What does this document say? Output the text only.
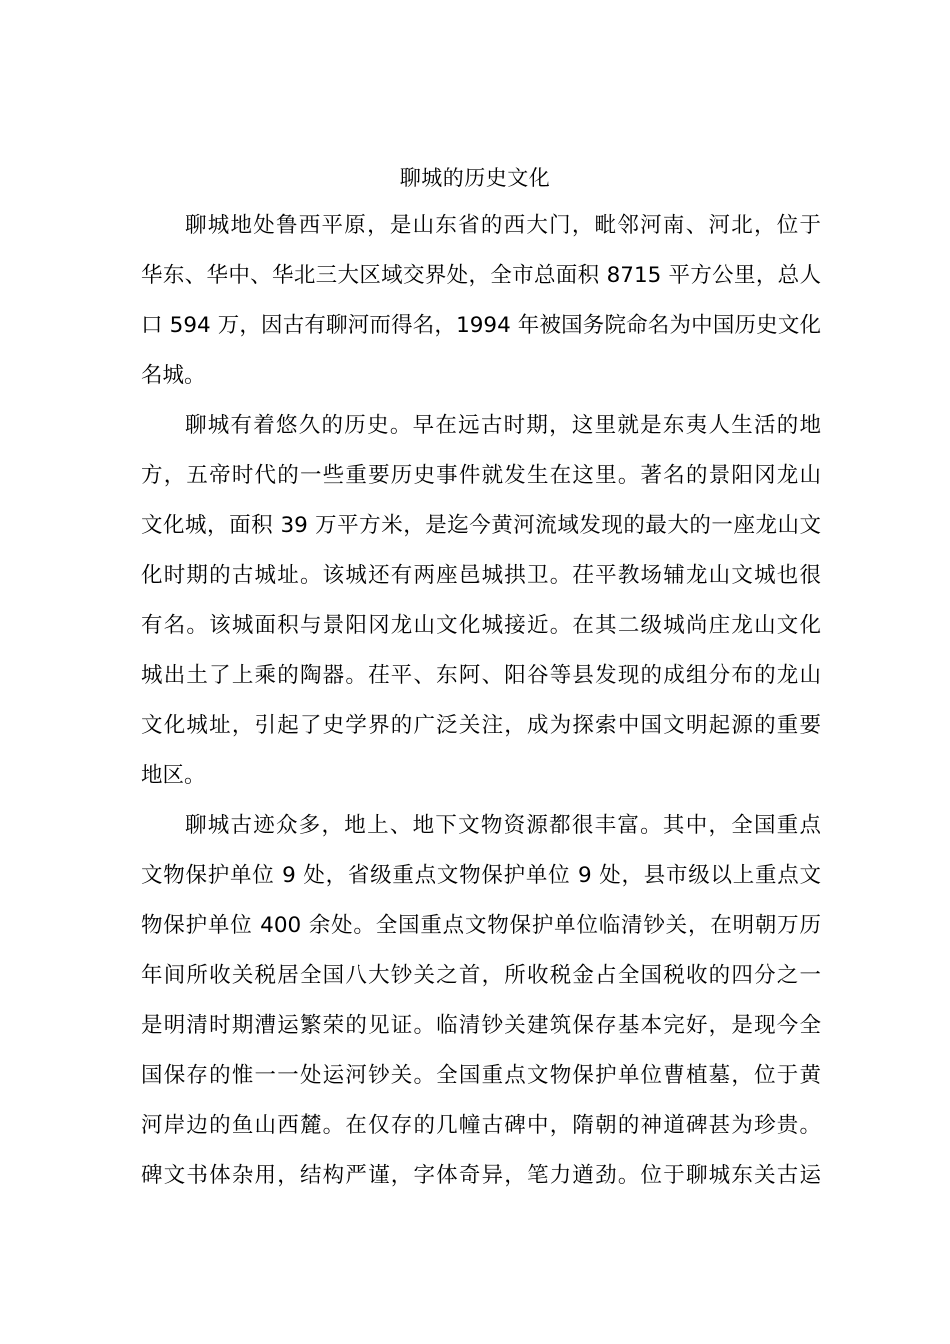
聊城的历史文化
聊城地处鲁西平原，是山东省的西大门，毗邻河南、河北，位于
华东、华中、华北三大区域交界处，全市总面积 8715 平方公里，总人
口 594 万，因古有聊河而得名，1994 年被国务院命名为中国历史文化
名城。
聊城有着悠久的历史。早在远古时期，这里就是东夷人生活的地
方，五帝时代的一些重要历史事件就发生在这里。著名的景阳冈龙山
文化城，面积 39 万平方米，是迄今黄河流域发现的最大的一座龙山文
化时期的古城址。该城还有两座邑城拱卫。茌平教场辅龙山文城也很
有名。该城面积与景阳冈龙山文化城接近。在其二级城尚庄龙山文化
城出土了上乘的陶器。茌平、东阿、阳谷等县发现的成组分布的龙山
文化城址，引起了史学界的广泛关注，成为探索中国文明起源的重要
地区。
聊城古迹众多，地上、地下文物资源都很丰富。其中，全国重点
文物保护单位 9 处，省级重点文物保护单位 9 处，县市级以上重点文
物保护单位 400 余处。全国重点文物保护单位临清钞关，在明朝万历
年间所收关税居全国八大钞关之首，所收税金占全国税收的四分之一
是明清时期漕运繁荣的见证。临清钞关建筑保存基本完好，是现今全
国保存的惟一一处运河钞关。全国重点文物保护单位曹植墓，位于黄
河岸边的鱼山西麓。在仅存的几幢古碑中，隋朝的神道碑甚为珍贵。
碑文书体杂用，结构严谨，字体奇异，笔力遒劲。位于聊城东关古运
